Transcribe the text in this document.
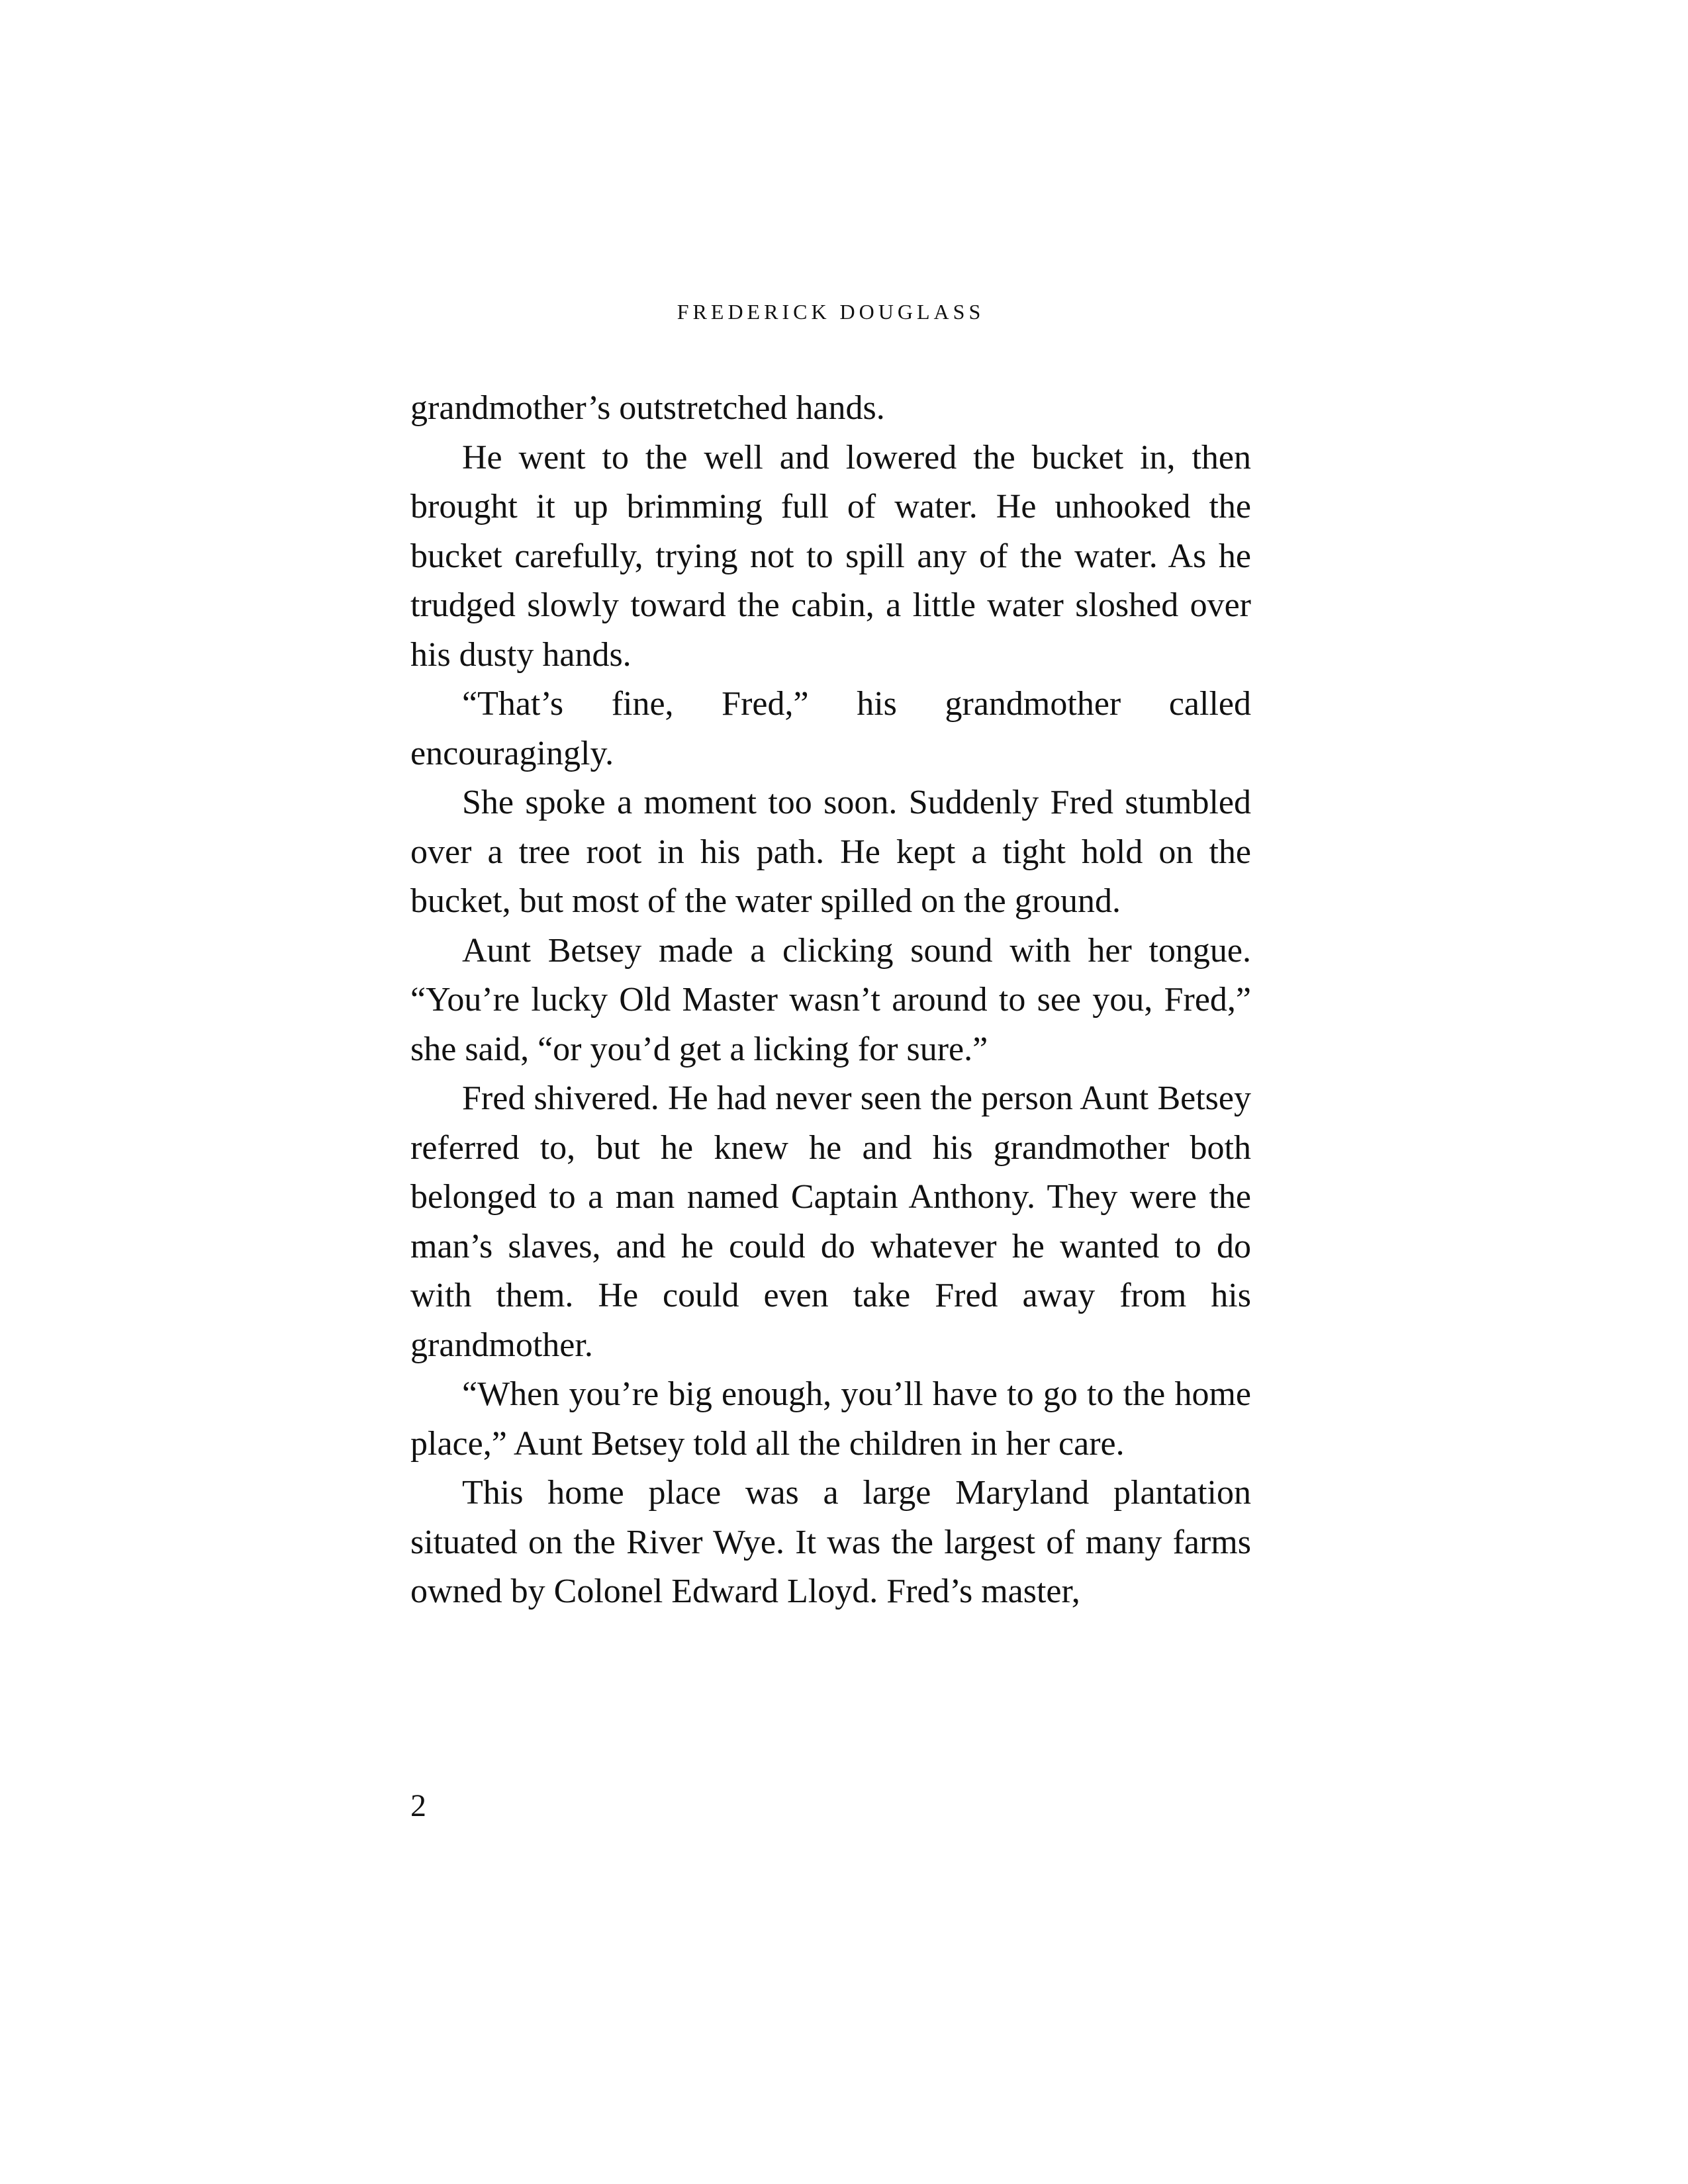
FREDERICK DOUGLASS

grandmother’s outstretched hands.

He went to the well and lowered the bucket in, then brought it up brimming full of water. He unhooked the bucket carefully, trying not to spill any of the water. As he trudged slowly toward the cabin, a little water sloshed over his dusty hands.

“That’s fine, Fred,” his grandmother called encouragingly.

She spoke a moment too soon. Suddenly Fred stumbled over a tree root in his path. He kept a tight hold on the bucket, but most of the water spilled on the ground.

Aunt Betsey made a clicking sound with her tongue. “You’re lucky Old Master wasn’t around to see you, Fred,” she said, “or you’d get a licking for sure.”

Fred shivered. He had never seen the person Aunt Betsey referred to, but he knew he and his grandmother both belonged to a man named Captain Anthony. They were the man’s slaves, and he could do whatever he wanted to do with them. He could even take Fred away from his grandmother.

“When you’re big enough, you’ll have to go to the home place,” Aunt Betsey told all the children in her care.

This home place was a large Maryland plantation situated on the River Wye. It was the largest of many farms owned by Colonel Edward Lloyd. Fred’s master,

2
